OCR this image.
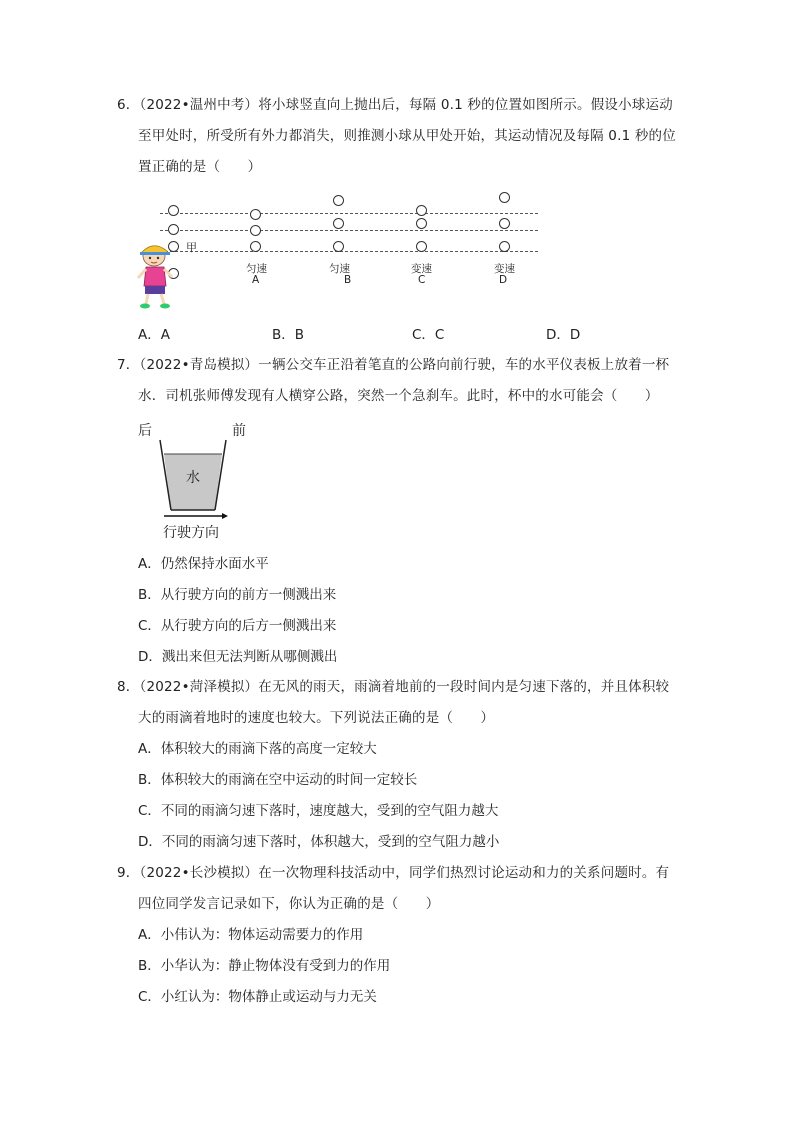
6．（2022•温州中考）将小球竖直向上抛出后，每隔 0.1 秒的位置如图所示。假设小球运动
至甲处时，所受所有外力都消失，则推测小球从甲处开始，其运动情况及每隔 0.1 秒的位
置正确的是（　　）
甲
匀速
A
匀速
B
变速
C
变速
D
A．A	B．B	C．C	D．D
7．（2022•青岛模拟）一辆公交车正沿着笔直的公路向前行驶，车的水平仪表板上放着一杯
水．司机张师傅发现有人横穿公路，突然一个急刹车。此时，杯中的水可能会（　　）
后	前
水
行驶方向
A．仍然保持水面水平
B．从行驶方向的前方一侧溅出来
C．从行驶方向的后方一侧溅出来
D．溅出来但无法判断从哪侧溅出
8．（2022•菏泽模拟）在无风的雨天，雨滴着地前的一段时间内是匀速下落的，并且体积较
大的雨滴着地时的速度也较大。下列说法正确的是（　　）
A．体积较大的雨滴下落的高度一定较大
B．体积较大的雨滴在空中运动的时间一定较长
C．不同的雨滴匀速下落时，速度越大，受到的空气阻力越大
D．不同的雨滴匀速下落时，体积越大，受到的空气阻力越小
9．（2022•长沙模拟）在一次物理科技活动中，同学们热烈讨论运动和力的关系问题时。有
四位同学发言记录如下，你认为正确的是（　　）
A．小伟认为：物体运动需要力的作用
B．小华认为：静止物体没有受到力的作用
C．小红认为：物体静止或运动与力无关
